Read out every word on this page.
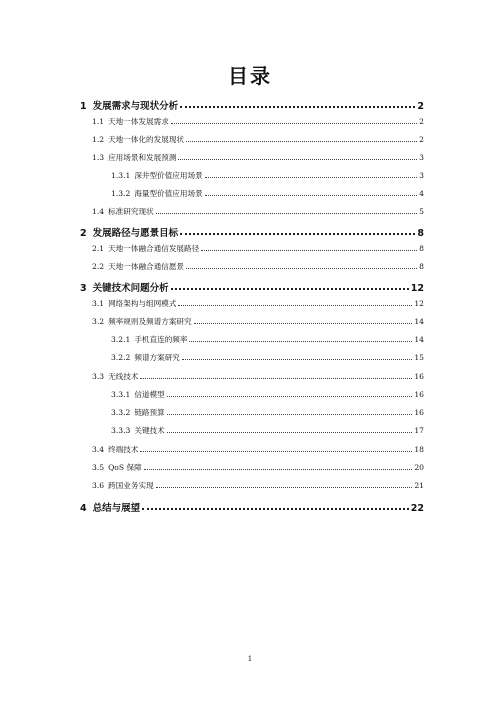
目录
1 发展需求与现状分析	2
1.1 天地一体发展需求	2
1.2 天地一体化的发展现状	2
1.3 应用场景和发展预测	3
1.3.1 深井型价值应用场景	3
1.3.2 海量型价值应用场景	4
1.4 标准研究现状	5
2 发展路径与愿景目标	8
2.1 天地一体融合通信发展路径	8
2.2 天地一体融合通信愿景	8
3 关键技术问题分析	12
3.1 网络架构与组网模式	12
3.2 频率规则及频谱方案研究	14
3.2.1 手机直连的频率	14
3.2.2 频谱方案研究	15
3.3 无线技术	16
3.3.1 信道模型	16
3.3.2 链路预算	16
3.3.3 关键技术	17
3.4 终端技术	18
3.5 QoS 保障	20
3.6 跨国业务实现	21
4 总结与展望	22
1
